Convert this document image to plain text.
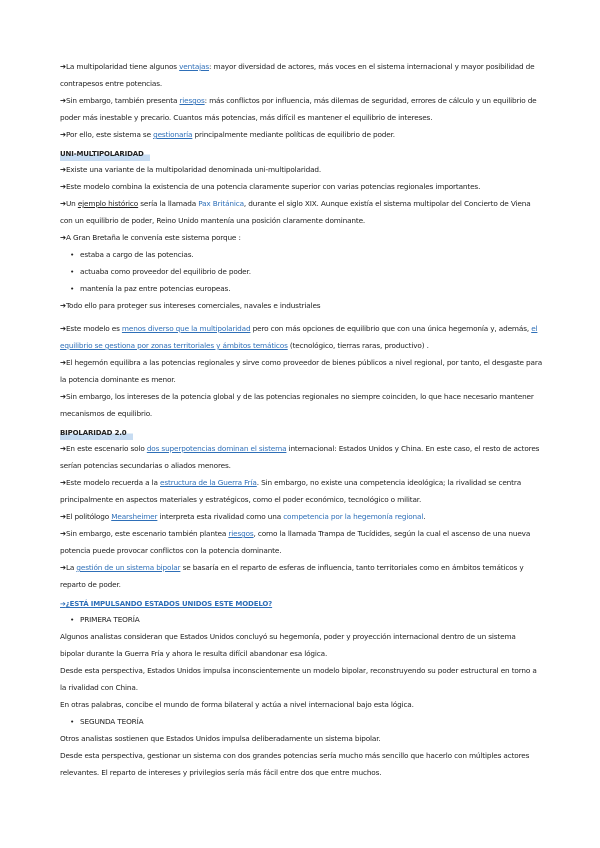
➔La multipolaridad tiene algunos ventajas: mayor diversidad de actores, más voces en el sistema internacional y mayor posibilidad de contrapesos entre potencias.

➔Sin embargo, también presenta riesgos: más conflictos por influencia, más dilemas de seguridad, errores de cálculo y un equilibrio de poder más inestable y precario. Cuantos más potencias, más difícil es mantener el equilibrio de intereses.

➔Por ello, este sistema se gestionaría principalmente mediante políticas de equilibrio de poder.

UNI-MULTIPOLARIDAD

➔Existe una variante de la multipolaridad denominada uni-multipolaridad.

➔Este modelo combina la existencia de una potencia claramente superior con varias potencias regionales importantes.

➔Un ejemplo histórico sería la llamada Pax Británica, durante el siglo XIX. Aunque existía el sistema multipolar del Concierto de Viena con un equilibrio de poder, Reino Unido mantenía una posición claramente dominante.

➔A Gran Bretaña le convenía este sistema porque :

• estaba a cargo de las potencias.
• actuaba como proveedor del equilibrio de poder.
• mantenía la paz entre potencias europeas.

➔Todo ello para proteger sus intereses comerciales, navales e industriales

➔Este modelo es menos diverso que la multipolaridad pero con más opciones de equilibrio que con una única hegemonía y, además, el equilibrio se gestiona por zonas territoriales y ámbitos temáticos (tecnológico, tierras raras, productivo) .

➔El hegemón equilibra a las potencias regionales y sirve como proveedor de bienes públicos a nivel regional, por tanto, el desgaste para la potencia dominante es menor.

➔Sin embargo, los intereses de la potencia global y de las potencias regionales no siempre coinciden, lo que hace necesario mantener mecanismos de equilibrio.

BIPOLARIDAD 2.0

➔En este escenario solo dos superpotencias dominan el sistema internacional: Estados Unidos y China. En este caso, el resto de actores serían potencias secundarias o aliados menores.

➔Este modelo recuerda a la estructura de la Guerra Fría. Sin embargo, no existe una competencia ideológica; la rivalidad se centra principalmente en aspectos materiales y estratégicos, como el poder económico, tecnológico o militar.

➔El politólogo Mearsheimer interpreta esta rivalidad como una competencia por la hegemonía regional.

➔Sin embargo, este escenario también plantea riesgos, como la llamada Trampa de Tucídides, según la cual el ascenso de una nueva potencia puede provocar conflictos con la potencia dominante.

➔La gestión de un sistema bipolar se basaría en el reparto de esferas de influencia, tanto territoriales como en ámbitos temáticos y reparto de poder.

➔¿ESTÁ IMPULSANDO ESTADOS UNIDOS ESTE MODELO?
• PRIMERA TEORÍA

Algunos analistas consideran que Estados Unidos concluyó su hegemonía, poder y proyección internacional dentro de un sistema bipolar durante la Guerra Fría y ahora le resulta difícil abandonar esa lógica.

Desde esta perspectiva, Estados Unidos impulsa inconscientemente un modelo bipolar, reconstruyendo su poder estructural en torno a la rivalidad con China.

En otras palabras, concibe el mundo de forma bilateral y actúa a nivel internacional bajo esta lógica.

• SEGUNDA TEORÍA

Otros analistas sostienen que Estados Unidos impulsa deliberadamente un sistema bipolar.

Desde esta perspectiva, gestionar un sistema con dos grandes potencias sería mucho más sencillo que hacerlo con múltiples actores relevantes. El reparto de intereses y privilegios sería más fácil entre dos que entre muchos.
